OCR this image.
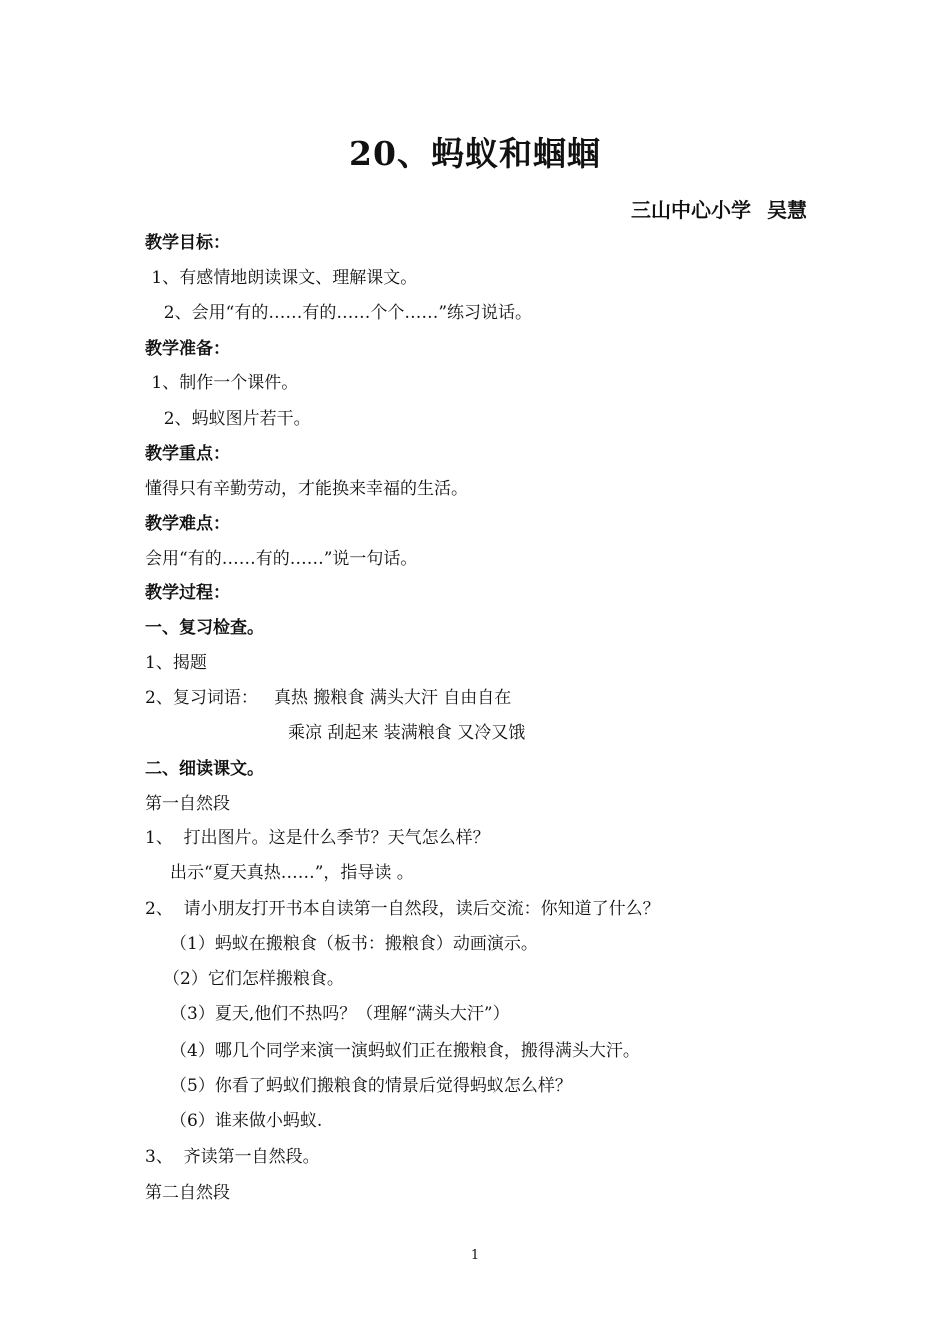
20、蚂蚁和蝈蝈
三山中心小学 吴慧
教学目标：
1、有感情地朗读课文、理解课文。
2、会用“有的……有的……个个……”练习说话。
教学准备：
1、制作一个课件。
2、蚂蚁图片若干。
教学重点：
懂得只有辛勤劳动，才能换来幸福的生活。
教学难点：
会用“有的……有的……”说一句话。
教学过程：
一、复习检查。
1、揭题
2、复习词语：   真热 搬粮食 满头大汗 自由自在
乘凉 刮起来 装满粮食 又冷又饿
二、细读课文。
第一自然段
1、  打出图片。这是什么季节？天气怎么样？
出示“夏天真热……”，指导读 。
2、  请小朋友打开书本自读第一自然段，读后交流：你知道了什么？
（1）蚂蚁在搬粮食（板书：搬粮食）动画演示。
（2）它们怎样搬粮食。
（3）夏天,他们不热吗？（理解“满头大汗”）
（4）哪几个同学来演一演蚂蚁们正在搬粮食，搬得满头大汗。
（5）你看了蚂蚁们搬粮食的情景后觉得蚂蚁怎么样？
（6）谁来做小蚂蚁.
3、  齐读第一自然段。
第二自然段
1
